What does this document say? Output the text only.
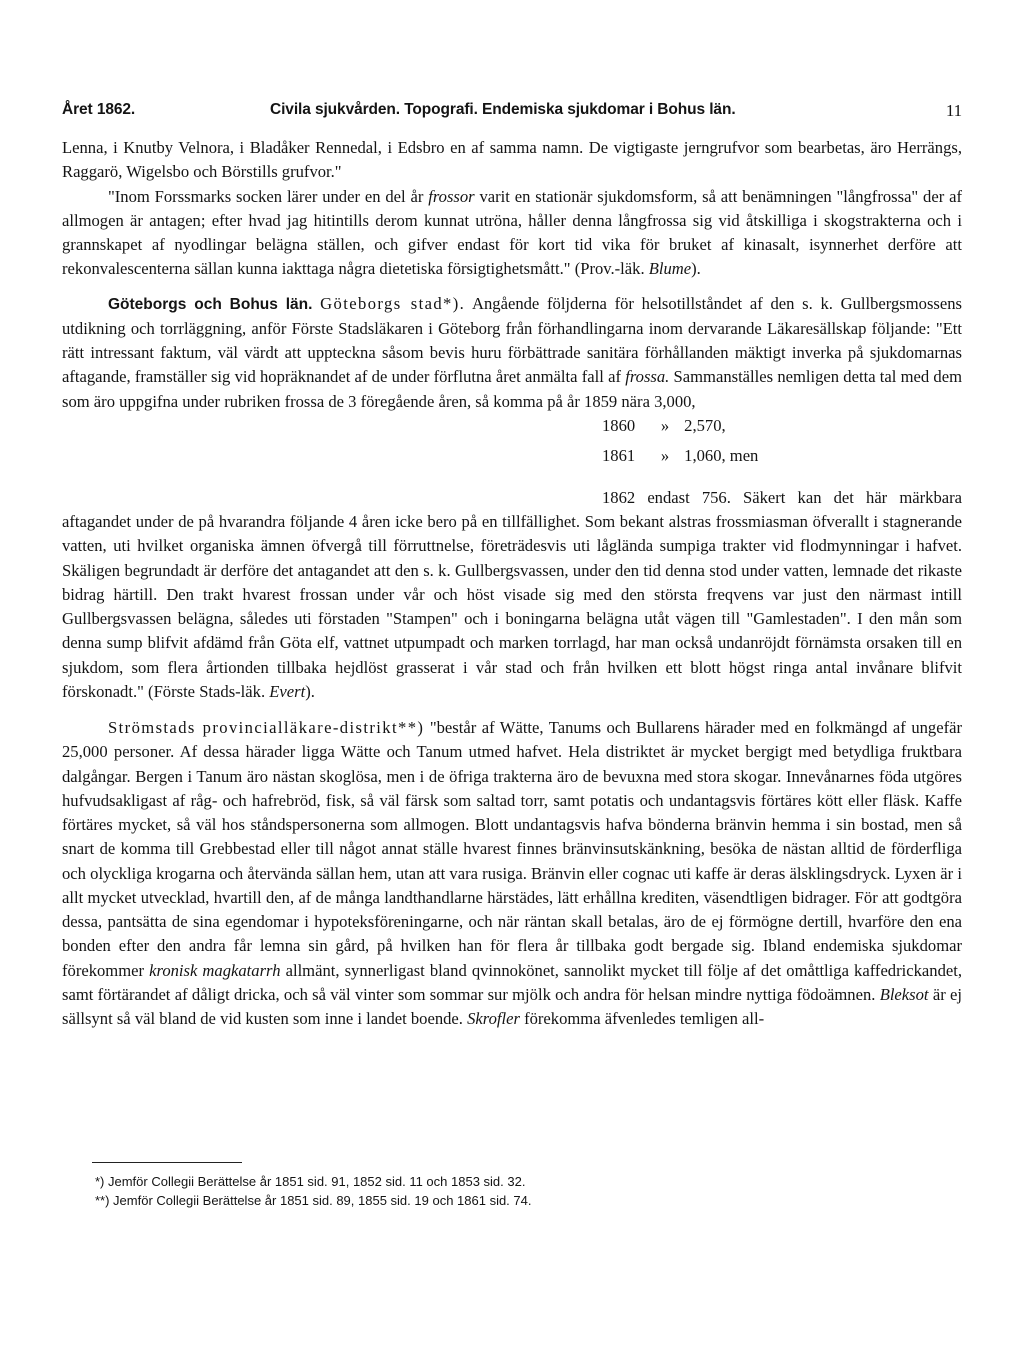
Året 1862.	Civila sjukvården. Topografi. Endemiska sjukdomar i Bohus län.	11

Lenna, i Knutby Velnora, i Bladåker Rennedal, i Edsbro en af samma namn. De vigtigaste jerngrufvor som bearbetas, äro Herrängs, Raggarö, Wigelsbo och Börstills grufvor."

"Inom Forssmarks socken lärer under en del år frossor varit en stationär sjukdomsform, så att benämningen "långfrossa" der af allmogen är antagen; efter hvad jag hitintills derom kunnat utröna, håller denna långfrossa sig vid åtskilliga i skogstrakterna och i grannskapet af nyodlingar belägna ställen, och gifver endast för kort tid vika för bruket af kinasalt, isynnerhet derföre att rekonvalescenterna sällan kunna iakttaga några dietetiska försigtighetsmått." (Prov.-läk. Blume).

Göteborgs och Bohus län. Göteborgs stad*). Angående följderna för helsotillståndet af den s. k. Gullbergsmossens utdikning och torrläggning, anför Förste Stadsläkaren i Göteborg från förhandlingarna inom dervarande Läkaresällskap följande: "Ett rätt intressant faktum, väl värdt att uppteckna såsom bevis huru förbättrade sanitära förhållanden mäktigt inverka på sjukdomarnas aftagande, framställer sig vid hopräknandet af de under förflutna året anmälta fall af frossa. Sammanställes nemligen detta tal med dem som äro uppgifna under rubriken frossa de 3 föregående åren, så komma på år 1859 nära 3,000,

1860 » 2,570,
1861 » 1,060, men

1862 endast 756. Säkert kan det här märkbara aftagandet under de på hvarandra följande 4 åren icke bero på en tillfällighet. Som bekant alstras frossmiasman öfverallt i stagnerande vatten, uti hvilket organiska ämnen öfvergå till förruttnelse, företrädesvis uti låglända sumpiga trakter vid flodmynningar i hafvet. Skäligen begrundadt är derföre det antagandet att den s. k. Gullbergsvassen, under den tid denna stod under vatten, lemnade det rikaste bidrag härtill. Den trakt hvarest frossan under vår och höst visade sig med den största freqvens var just den närmast intill Gullbergsvassen belägna, således uti förstaden "Stampen" och i boningarna belägna utåt vägen till "Gamlestaden". I den mån som denna sump blifvit afdämd från Göta elf, vattnet utpumpadt och marken torrlagd, har man också undanröjdt förnämsta orsaken till en sjukdom, som flera årtionden tillbaka hejdlöst grasserat i vår stad och från hvilken ett blott högst ringa antal invånare blifvit förskonadt." (Förste Stads-läk. Evert).

Strömstads provincialläkare-distrikt**) "består af Wätte, Tanums och Bullarens härader med en folkmängd af ungefär 25,000 personer. Af dessa härader ligga Wätte och Tanum utmed hafvet. Hela distriktet är mycket bergigt med betydliga fruktbara dalgångar. Bergen i Tanum äro nästan skoglösa, men i de öfriga trakterna äro de bevuxna med stora skogar. Innevånarnes föda utgöres hufvudsakligast af råg- och hafrebröd, fisk, så väl färsk som saltad torr, samt potatis och undantagsvis förtäres kött eller fläsk. Kaffe förtäres mycket, så väl hos ståndspersonerna som allmogen. Blott undantagsvis hafva bönderna bränvin hemma i sin bostad, men så snart de komma till Grebbestad eller till något annat ställe hvarest finnes bränvinsutskänkning, besöka de nästan alltid de förderfliga och olyckliga krogarna och återvända sällan hem, utan att vara rusiga. Bränvin eller cognac uti kaffe är deras älsklingsdryck. Lyxen är i allt mycket utvecklad, hvartill den, af de många landthandlarne härstädes, lätt erhållna krediten, väsendtligen bidrager. För att godtgöra dessa, pantsätta de sina egendomar i hypoteksföreningarne, och när räntan skall betalas, äro de ej förmögne dertill, hvarföre den ena bonden efter den andra får lemna sin gård, på hvilken han för flera år tillbaka godt bergade sig. Ibland endemiska sjukdomar förekommer kronisk magkatarrh allmänt, synnerligast bland qvinnokönet, sannolikt mycket till följe af det omåttliga kaffedrickandet, samt förtärandet af dåligt dricka, och så väl vinter som sommar sur mjölk och andra för helsan mindre nyttiga födoämnen. Bleksot är ej sällsynt så väl bland de vid kusten som inne i landet boende. Skrofler förekomma äfvenledes temligen all-

*) Jemför Collegii Berättelse år 1851 sid. 91, 1852 sid. 11 och 1853 sid. 32.
**) Jemför Collegii Berättelse år 1851 sid. 89, 1855 sid. 19 och 1861 sid. 74.
